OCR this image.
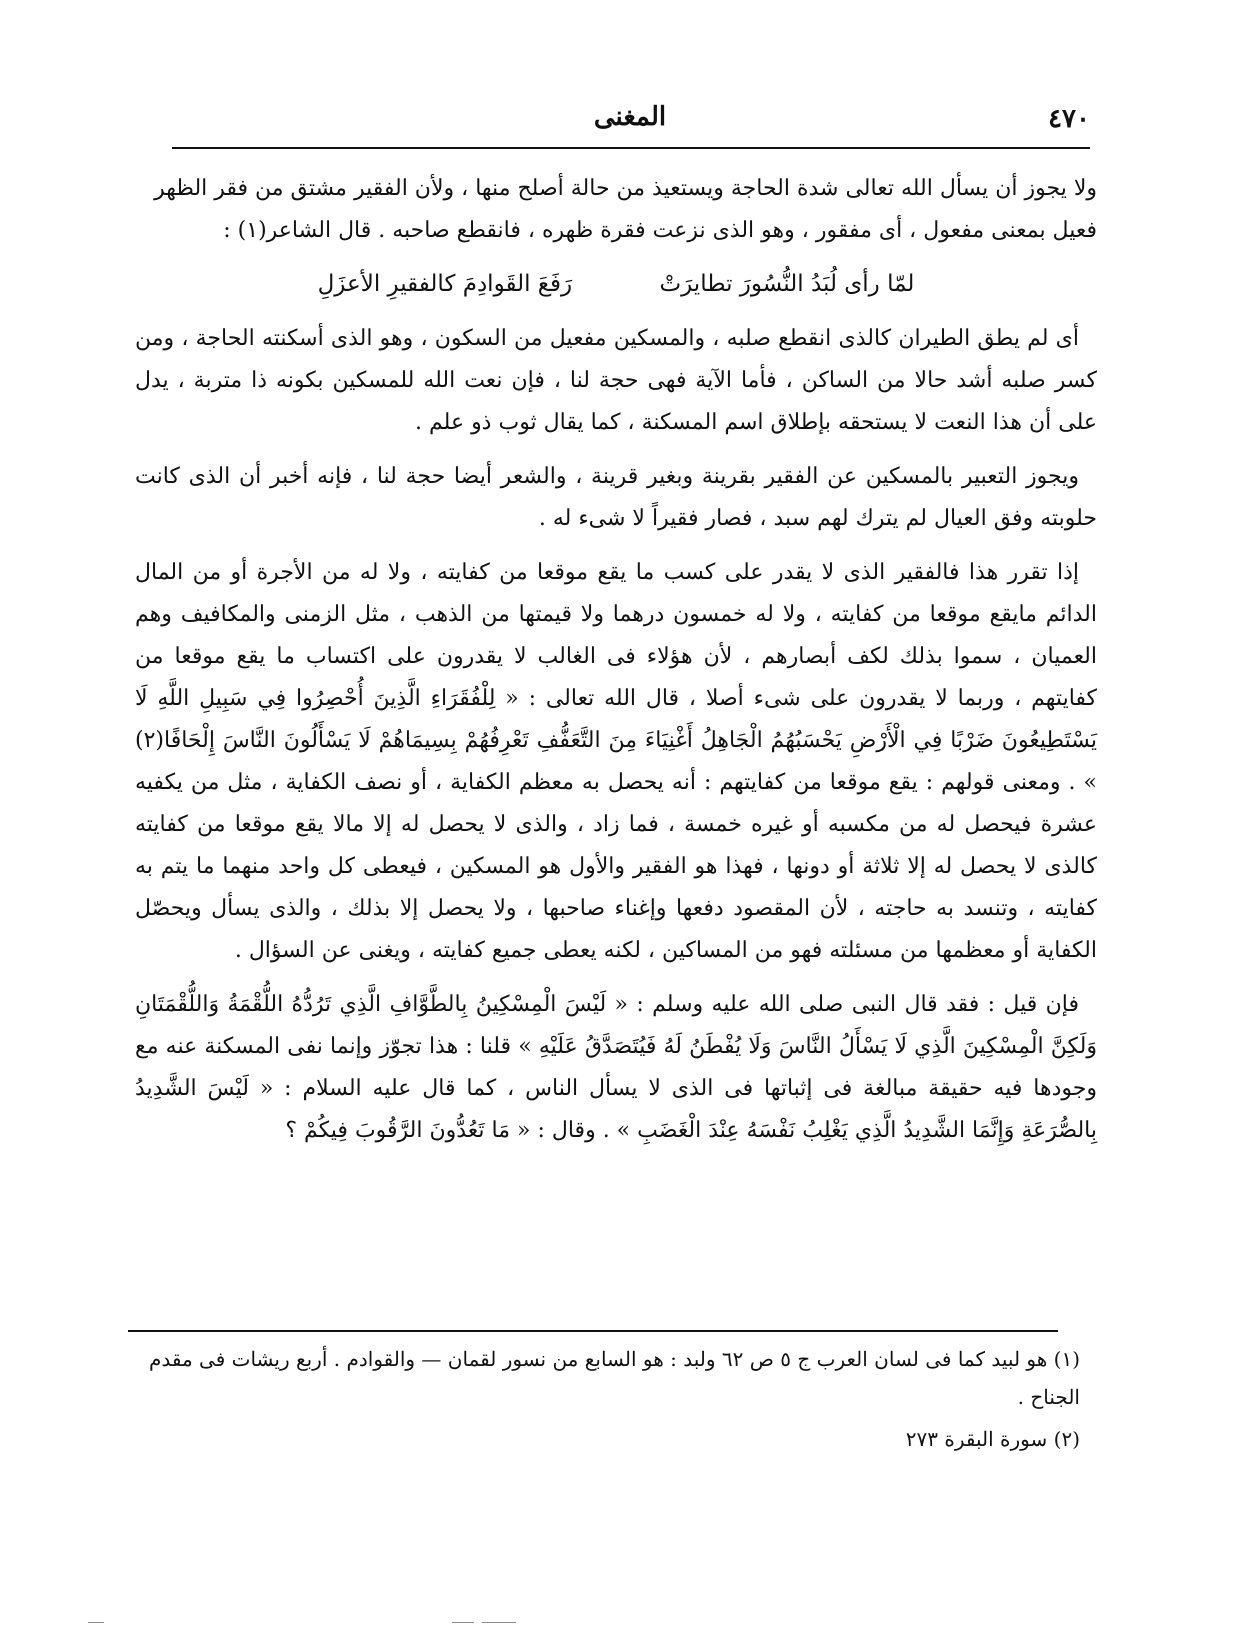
٤٧٠
المغنى

ولا يجوز أن يسأل الله تعالى شدة الحاجة ويستعيذ من حالة أصلح منها ، ولأن الفقير مشتق من فقر الظهر
فعيل بمعنى مفعول ، أى مفقور ، وهو الذى نزعت فقرة ظهره ، فانقطع صاحبه . قال الشاعر(١) :

لمّا رأى لُبَدُ النُّسُورَ تطايرَتْ رَفَعَ القَوادِمَ كالفقيرِ الأعزَلِ

أى لم يطق الطيران كالذى انقطع صلبه ، والمسكين مفعيل من السكون ، وهو الذى أسكنته الحاجة ، ومن كسر صلبه أشد حالا من الساكن ، فأما الآية فهى حجة لنا ، فإن نعت الله للمسكين بكونه ذا متربة ، يدل على أن هذا النعت لا يستحقه بإطلاق اسم المسكنة ، كما يقال ثوب ذو علم .

ويجوز التعبير بالمسكين عن الفقير بقرينة وبغير قرينة ، والشعر أيضا حجة لنا ، فإنه أخبر أن الذى كانت حلوبته وفق العيال لم يترك لهم سبد ، فصار فقيراً لا شىء له .

إذا تقرر هذا فالفقير الذى لا يقدر على كسب ما يقع موقعا من كفايته ، ولا له من الأجرة أو من المال الدائم مايقع موقعا من كفايته ، ولا له خمسون درهما ولا قيمتها من الذهب ، مثل الزمنى والمكافيف وهم العميان ، سموا بذلك لكف أبصارهم ، لأن هؤلاء فى الغالب لا يقدرون على اكتساب ما يقع موقعا من كفايتهم ، وربما لا يقدرون على شىء أصلا ، قال الله تعالى : « لِلْفُقَرَاءِ الَّذِينَ أُحْصِرُوا فِي سَبِيلِ اللَّهِ لَا يَسْتَطِيعُونَ ضَرْبًا فِي الْأَرْضِ يَحْسَبُهُمُ الْجَاهِلُ أَغْنِيَاءَ مِنَ التَّعَفُّفِ تَعْرِفُهُمْ بِسِيمَاهُمْ لَا يَسْأَلُونَ النَّاسَ إِلْحَافًا(٢) » . ومعنى قولهم : يقع موقعا من كفايتهم : أنه يحصل به معظم الكفاية ، أو نصف الكفاية ، مثل من يكفيه عشرة فيحصل له من مكسبه أو غيره خمسة ، فما زاد ، والذى لا يحصل له إلا مالا يقع موقعا من كفايته كالذى لا يحصل له إلا ثلاثة أو دونها ، فهذا هو الفقير والأول هو المسكين ، فيعطى كل واحد منهما ما يتم به كفايته ، وتنسد به حاجته ، لأن المقصود دفعها وإغناء صاحبها ، ولا يحصل إلا بذلك ، والذى يسأل ويحصّل الكفاية أو معظمها من مسئلته فهو من المساكين ، لكنه يعطى جميع كفايته ، ويغنى عن السؤال .

فإن قيل : فقد قال النبى صلى الله عليه وسلم : « لَيْسَ الْمِسْكِينُ بِالطَّوَّافِ الَّذِي تَرُدُّهُ اللُّقْمَةُ وَاللُّقْمَتَانِ وَلَكِنَّ الْمِسْكِينَ الَّذِي لَا يَسْأَلُ النَّاسَ وَلَا يُفْطَنُ لَهُ فَيُتَصَدَّقُ عَلَيْهِ » قلنا : هذا تجوّز وإنما نفى المسكنة عنه مع وجودها فيه حقيقة مبالغة فى إثباتها فى الذى لا يسأل الناس ، كما قال عليه السلام : « لَيْسَ الشَّدِيدُ بِالصُّرَعَةِ وَإِنَّمَا الشَّدِيدُ الَّذِي يَغْلِبُ نَفْسَهُ عِنْدَ الْغَضَبِ » . وقال : « مَا تَعُدُّونَ الرَّقُوبَ فِيكُمْ ؟

(١) هو لبيد كما فى لسان العرب ج ٥ ص ٦٢ ولبد : هو السابع من نسور لقمان — والقوادم . أربع ريشات فى مقدم الجناح .

(٢) سورة البقرة ٢٧٣
